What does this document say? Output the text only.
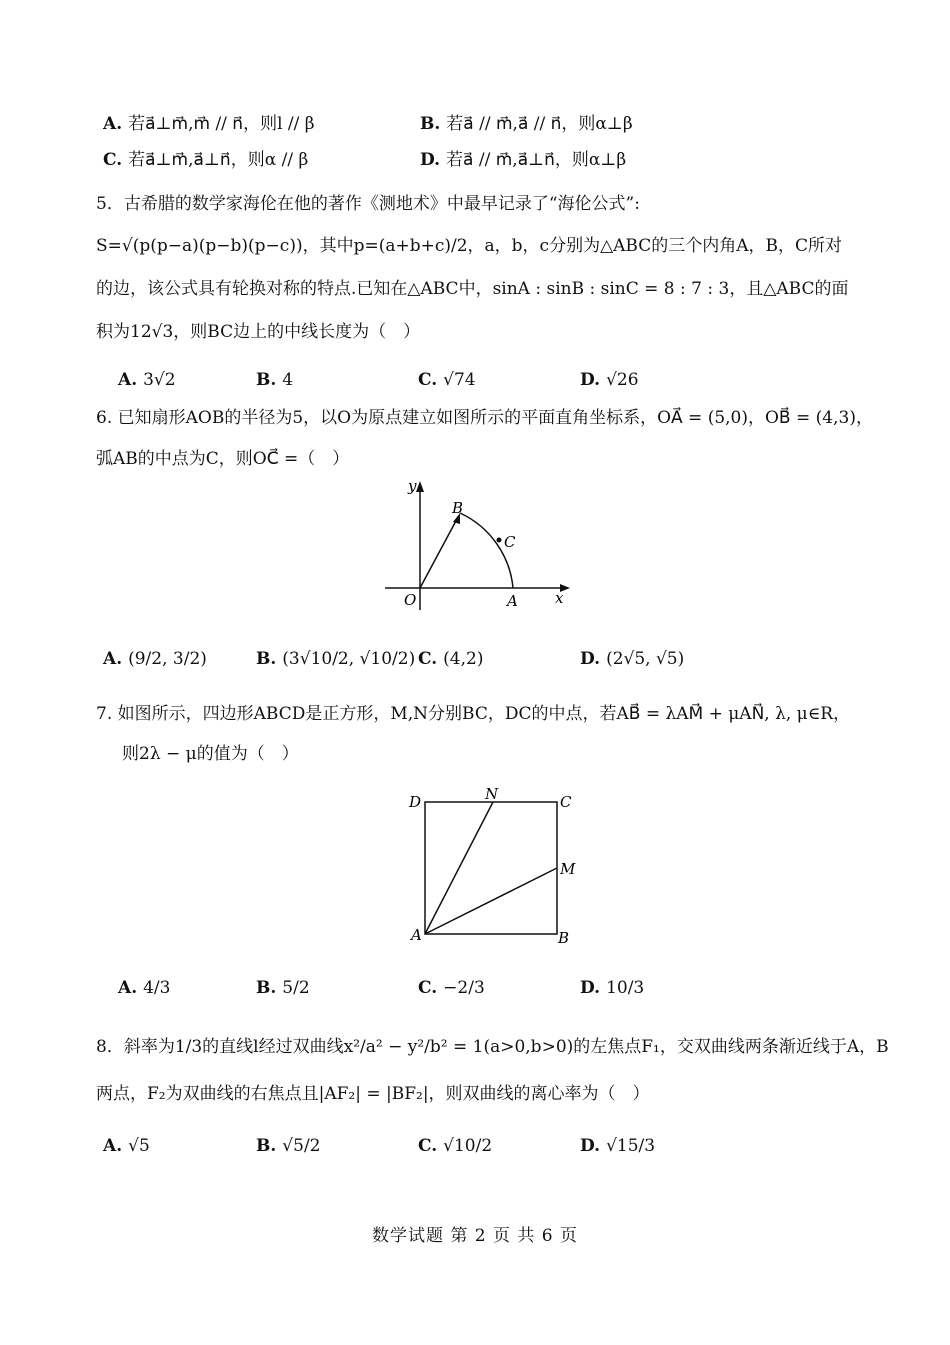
A. 若a⃗⊥m⃗,m⃗ // n⃗，则l // β	B. 若a⃗ // m⃗,a⃗ // n⃗，则α⊥β
C. 若a⃗⊥m⃗,a⃗⊥n⃗，则α // β	D. 若a⃗ // m⃗,a⃗⊥n⃗，则α⊥β
5．古希腊的数学家海伦在他的著作《测地术》中最早记录了“海伦公式”:
S=√(p(p−a)(p−b)(p−c))，其中p=(a+b+c)/2，a，b，c分别为△ABC的三个内角A，B，C所对
的边，该公式具有轮换对称的特点.已知在△ABC中，sinA : sinB : sinC = 8 : 7 : 3，且△ABC的面
积为12√3，则BC边上的中线长度为（　）
A. 3√2	B. 4	C. √74	D. √26
6. 已知扇形AOB的半径为5，以O为原点建立如图所示的平面直角坐标系，OA⃗ = (5,0)，OB⃗ = (4,3)，
弧AB的中点为C，则OC⃗ =（　）
y
x
O	A
B
C
A. (9/2, 3/2)	B. (3√10/2, √10/2) C. (4,2)	D. (2√5, √5)
7. 如图所示，四边形ABCD是正方形，M,N分别BC，DC的中点，若AB⃗ = λAM⃗ + μAN⃗, λ, μ∈R，
则2λ − μ的值为（　）
D	N	C
M
A	B
A. 4/3	B. 5/2	C. −2/3	D. 10/3
8．斜率为1/3的直线l经过双曲线x²/a² − y²/b² = 1(a>0,b>0)的左焦点F₁，交双曲线两条渐近线于A，B
两点，F₂为双曲线的右焦点且|AF₂| = |BF₂|，则双曲线的离心率为（　）
A. √5	B. √5/2	C. √10/2	D. √15/3
数学试题 第 2 页 共 6 页
